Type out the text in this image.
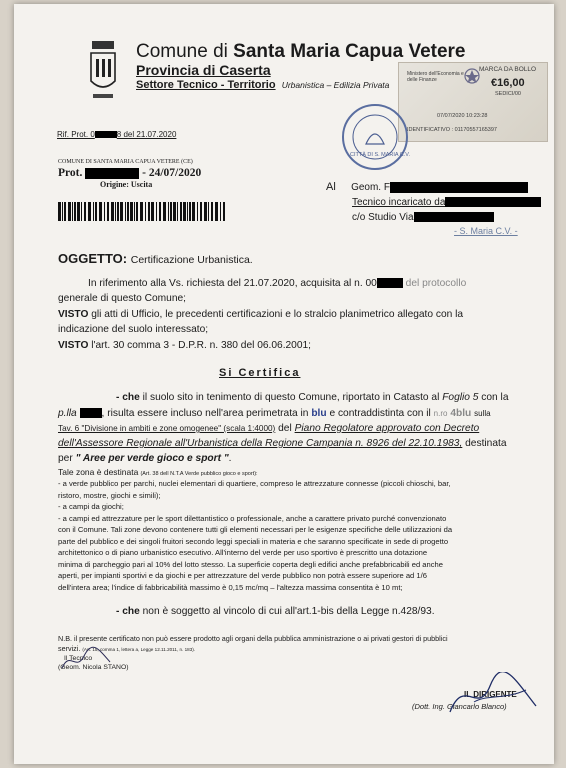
Comune di Santa Maria Capua Vetere
Provincia di Caserta
Settore Tecnico - Territorio Urbanistica – Edilizia Privata
MARCA DA BOLLO
Ministero dell'Economia e delle Finanze	€16,00
SEDICI/00
07/07/2020 10:23:28
IDENTIFICATIVO : 01170557165397
CITTÀ DI S. MARIA C.V.
Rif. Prot. 0	8 del 21.07.2020
COMUNE DI SANTA MARIA CAPUA VETERE (CE)
Prot.	- 24/07/2020
Origine: Uscita	Al Geom. F
Tecnico incaricato da
c/o Studio Via
- S. Maria C.V. -
OGGETTO: Certificazione Urbanistica.
In riferimento alla Vs. richiesta del 21.07.2020, acquisita al n. 00	del protocollo
generale di questo Comune;
VISTO gli atti di Ufficio, le precedenti certificazioni e lo stralcio planimetrico allegato con la
indicazione del suolo interessato;
VISTO l'art. 30 comma 3 - D.P.R. n. 380 del 06.06.2001;
Si Certifica
- che il suolo sito in tenimento di questo Comune, riportato in Catasto al Foglio 5 con la
p.lla , risulta essere incluso nell'area perimetrata in blu e contraddistinta con il n.ro 4blu sulla
Tav. 6 "Divisione in ambiti e zone omogenee" (scala 1:4000) del Piano Regolatore approvato con Decreto
dell'Assessore Regionale all'Urbanistica della Regione Campania n. 8926 del 22.10.1983, destinata
per " Aree per verde gioco e sport ".
Tale zona è destinata (Art. 38 dell N.T.A Verde pubblico gioco e sport):
- a verde pubblico per parchi, nuclei elementari di quartiere, compreso le attrezzature connesse (piccoli chioschi, bar,
ristoro, mostre, giochi e simili);
- a campi da giochi;
- a campi ed attrezzature per le sport dilettantistico o professionale, anche a carattere privato purché convenzionato
con il Comune. Tali zone devono contenere tutti gli elementi necessari per le esigenze specifiche delle utilizzazioni da
parte del pubblico e dei singoli fruitori secondo leggi speciali in materia e che saranno specificate in sede di progetto
architettonico o di piano urbanistico esecutivo. All'interno del verde per uso sportivo è prescritto una dotazione
minima di parcheggio pari al 10% del lotto stesso. La superficie coperta degli edifici anche prefabbricabili ed anche
aperti, per impianti sportivi e da giochi e per attrezzature del verde pubblico non potrà essere superiore ad 1/6
dell'intera area; l'indice di fabbricabilità massimo è 0,15 mc/mq – l'altezza massima consentita è 10 mt;
- che non è soggetto al vincolo di cui all'art.1-bis della Legge n.428/93.
N.B. il presente certificato non può essere prodotto agli organi della pubblica amministrazione o ai privati gestori di pubblici
servizi. (Art. 15, comma 1, lettera a, Legge 12.11.2011, n. 183).
Il Tecnico
(Geom. Nicola STANO)
IL DIRIGENTE
(Dott. Ing. Giancarlo Blanco)
